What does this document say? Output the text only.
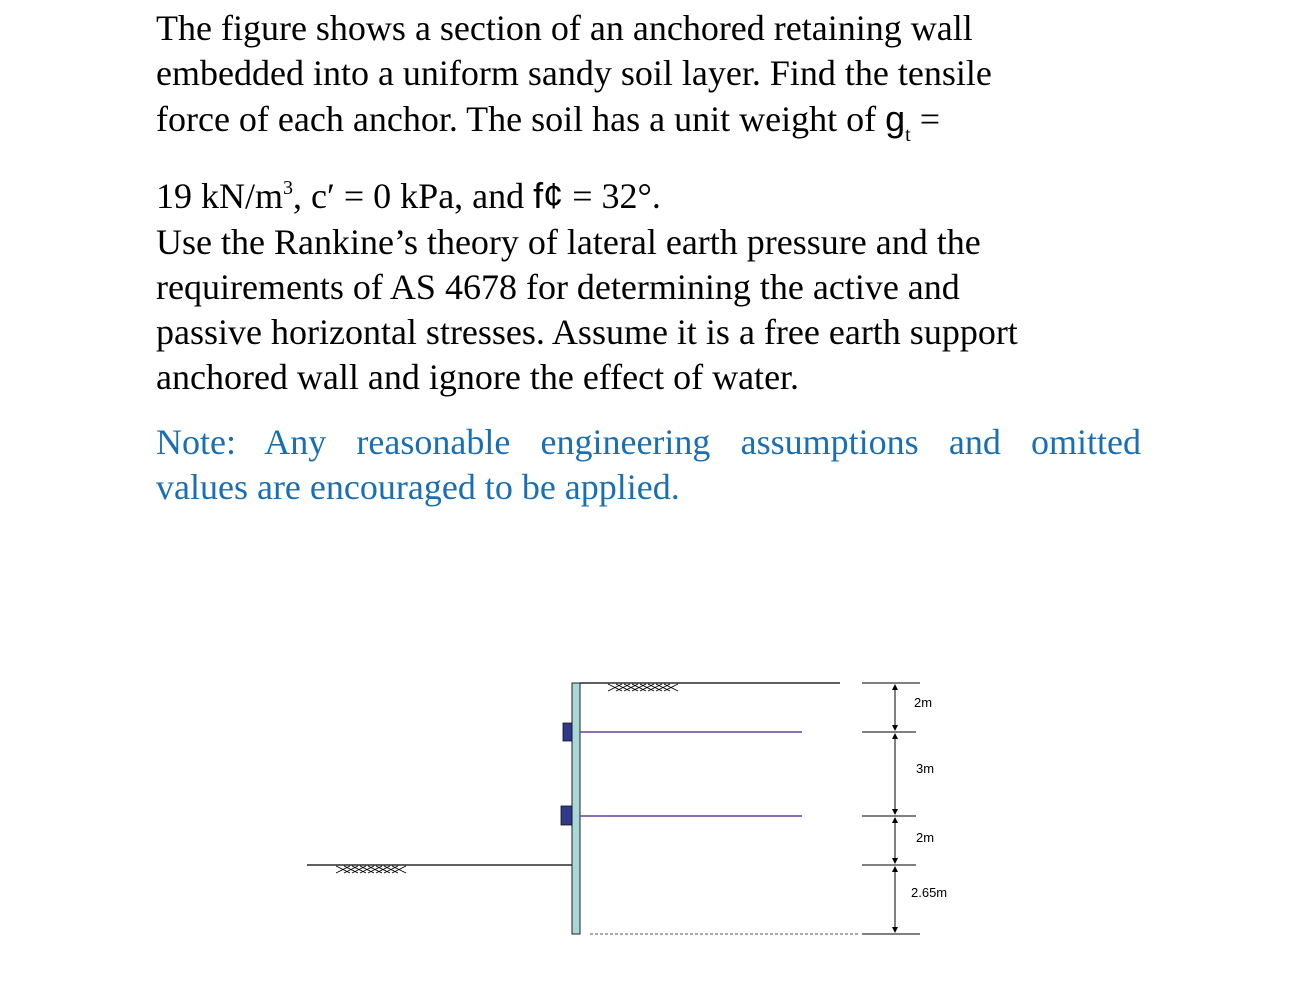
The figure shows a section of an anchored retaining wall
embedded into a uniform sandy soil layer. Find the tensile
force of each anchor. The soil has a unit weight of $g_t$ =
19 $kN/m^3$, c′ = 0 kPa, and f¢ = 32°.
Use the Rankine’s theory of lateral earth pressure and the
requirements of AS 4678 for determining the active and
passive horizontal stresses. Assume it is a free earth support
anchored wall and ignore the effect of water.
Note: Any reasonable engineering assumptions and omitted
values are encouraged to be applied.
2m
3m
2m
2.65m
